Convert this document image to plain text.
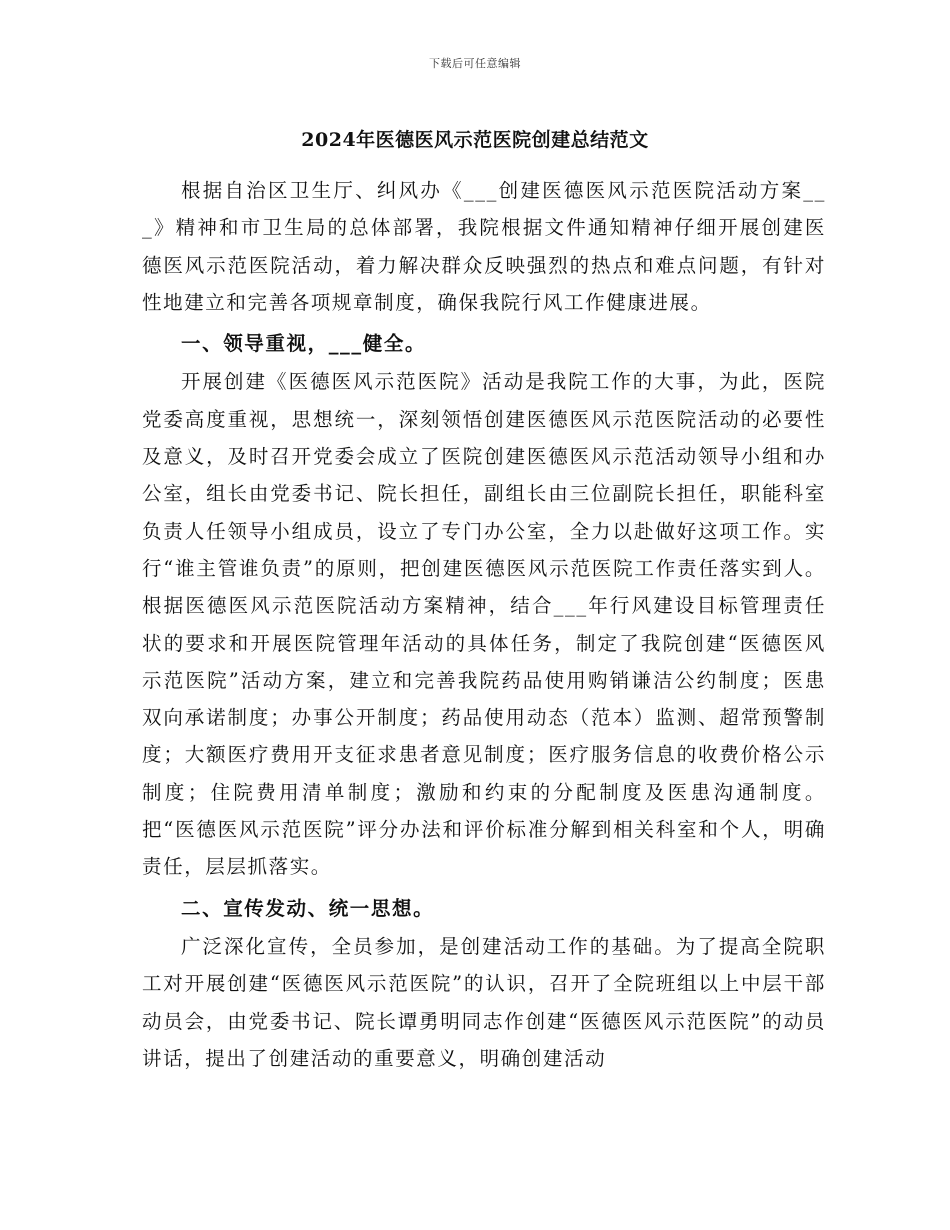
下载后可任意编辑
2024年医德医风示范医院创建总结范文

根据自治区卫生厅、纠风办《___创建医德医风示范医院活动方案___》精神和市卫生局的总体部署，我院根据文件通知精神仔细开展创建医德医风示范医院活动，着力解决群众反映强烈的热点和难点问题，有针对性地建立和完善各项规章制度，确保我院行风工作健康进展。

一、领导重视，___健全。

开展创建《医德医风示范医院》活动是我院工作的大事，为此，医院党委高度重视，思想统一，深刻领悟创建医德医风示范医院活动的必要性及意义，及时召开党委会成立了医院创建医德医风示范活动领导小组和办公室，组长由党委书记、院长担任，副组长由三位副院长担任，职能科室负责人任领导小组成员，设立了专门办公室，全力以赴做好这项工作。实行“谁主管谁负责”的原则，把创建医德医风示范医院工作责任落实到人。根据医德医风示范医院活动方案精神，结合___年行风建设目标管理责任状的要求和开展医院管理年活动的具体任务，制定了我院创建“医德医风示范医院”活动方案，建立和完善我院药品使用购销谦洁公约制度；医患双向承诺制度；办事公开制度；药品使用动态（范本）监测、超常预警制度；大额医疗费用开支征求患者意见制度；医疗服务信息的收费价格公示制度；住院费用清单制度；激励和约束的分配制度及医患沟通制度。把“医德医风示范医院”评分办法和评价标准分解到相关科室和个人，明确责任，层层抓落实。

二、宣传发动、统一思想。

广泛深化宣传，全员参加，是创建活动工作的基础。为了提高全院职工对开展创建“医德医风示范医院”的认识，召开了全院班组以上中层干部动员会，由党委书记、院长谭勇明同志作创建“医德医风示范医院”的动员讲话，提出了创建活动的重要意义，明确创建活动
